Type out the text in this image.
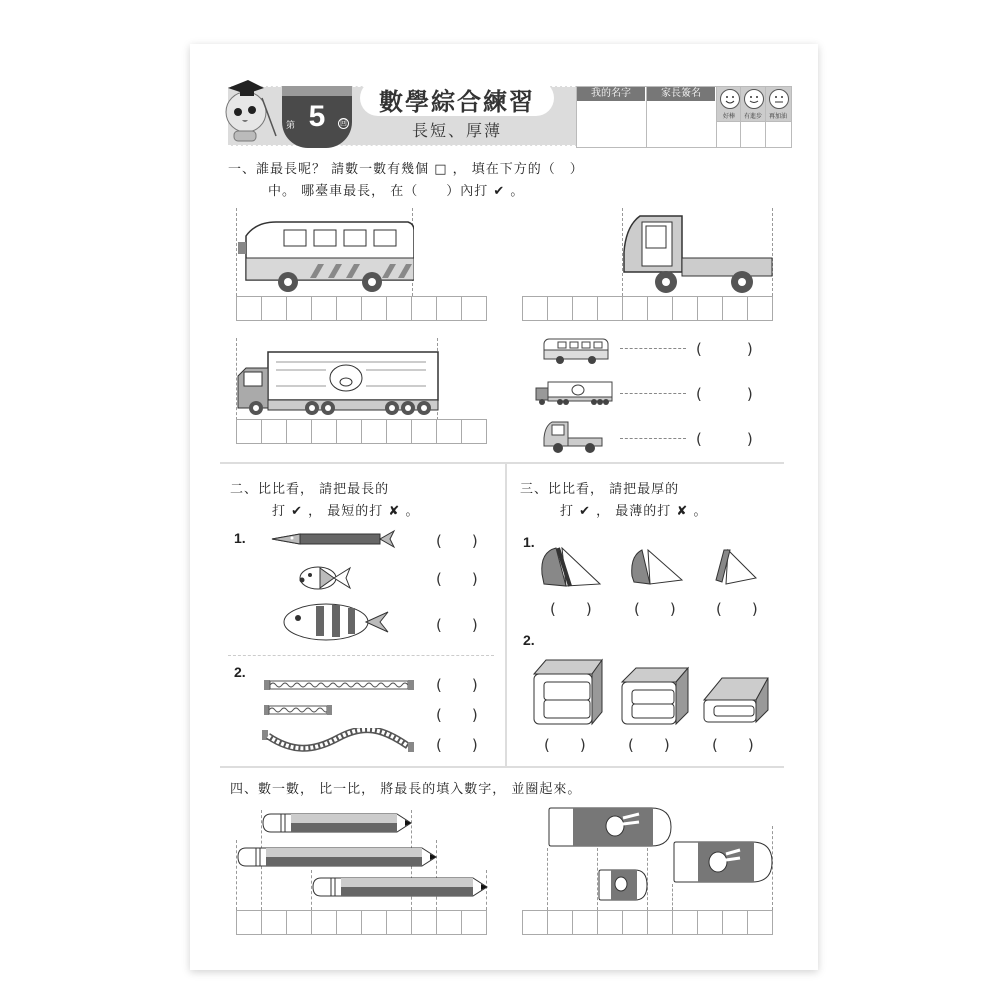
第 5	回
數學綜合練習
長短、厚薄
我的名字	家長簽名
好棒	有進步	再加油
一、誰最長呢？ 請數一數有幾個 □ ， 填在下方的（　）
中。 哪臺車最長， 在（　　）內打 ✔ 。
(　　　)
(　　　)
(　　　)
二、比比看， 請把最長的
打 ✔ ， 最短的打 ✘ 。
1.	(　　)
(　　)
(　　)
2.
(　　)
(　　)
(　　)
三、比比看， 請把最厚的
打 ✔ ， 最薄的打 ✘ 。
1.
(　　)	(　　)	(　　)
2.
(　　)	(　　)	(　　)
四、數一數， 比一比， 將最長的填入數字， 並圈起來。
